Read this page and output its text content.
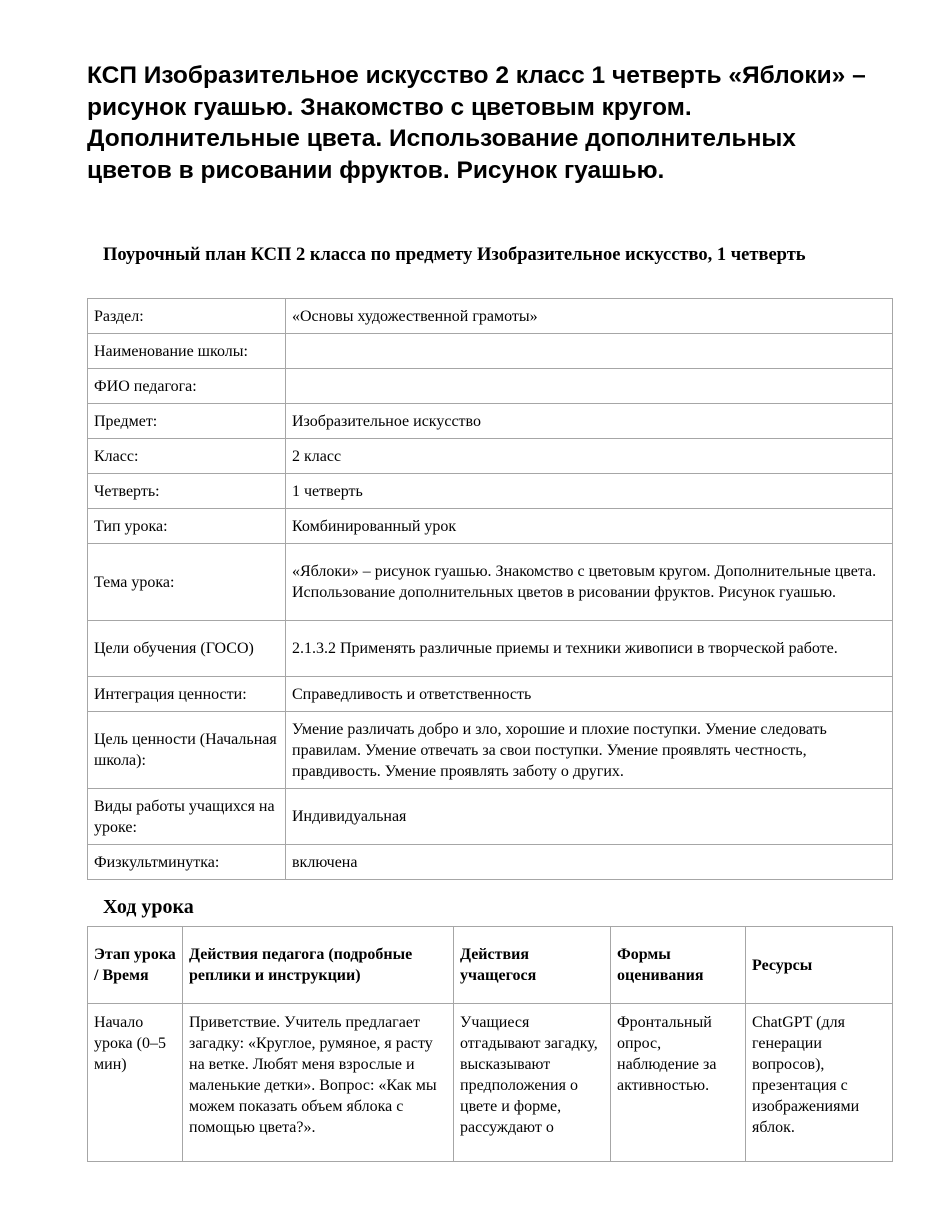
КСП Изобразительное искусство 2 класс 1 четверть «Яблоки» – рисунок гуашью. Знакомство с цветовым кругом. Дополнительные цвета. Использование дополнительных цветов в рисовании фруктов. Рисунок гуашью.
Поурочный план КСП 2 класса по предмету Изобразительное искусство, 1 четверть
Раздел:	«Основы художественной грамоты»
Наименование школы:	
ФИО педагога:	
Предмет:	Изобразительное искусство
Класс:	2 класс
Четверть:	1 четверть
Тип урока:	Комбинированный урок
Тема урока:	«Яблоки» – рисунок гуашью. Знакомство с цветовым кругом. Дополнительные цвета. Использование дополнительных цветов в рисовании фруктов. Рисунок гуашью.
Цели обучения (ГОСО)	2.1.3.2 Применять различные приемы и техники живописи в творческой работе.
Интеграция ценности:	Справедливость и ответственность
Цель ценности (Начальная школа):	Умение различать добро и зло, хорошие и плохие поступки. Умение следовать правилам. Умение отвечать за свои поступки. Умение проявлять честность, правдивость. Умение проявлять заботу о других.
Виды работы учащихся на уроке:	Индивидуальная
Физкультминутка:	включена
Ход урока
Этап урока / Время	Действия педагога (подробные реплики и инструкции)	Действия учащегося	Формы оценивания	Ресурсы
Начало урока (0–5 мин)	Приветствие. Учитель предлагает загадку: «Круглое, румяное, я расту на ветке. Любят меня взрослые и маленькие детки». Вопрос: «Как мы можем показать объем яблока с помощью цвета?».	Учащиеся отгадывают загадку, высказывают предположения о цвете и форме, рассуждают о	Фронтальный опрос, наблюдение за активностью.	ChatGPT (для генерации вопросов), презентация с изображениями яблок.
